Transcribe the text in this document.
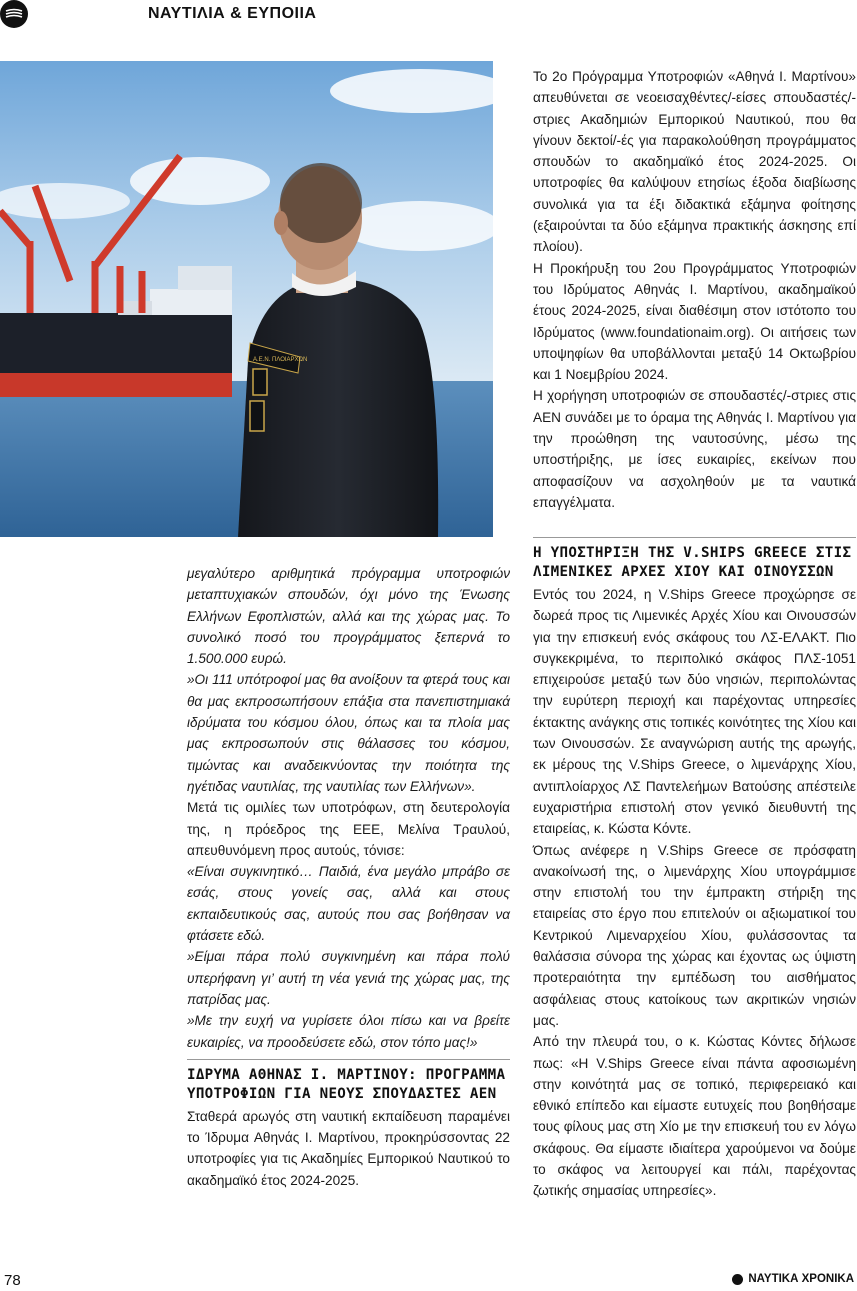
ΝΑΥΤΙΛΙΑ & ΕΥΠΟΙΙΑ
Α.Ε.Ν. ΠΛΟΙΑΡΧΩΝ

Το 2ο Πρόγραμμα Υποτροφιών «Αθηνά Ι. Μαρτίνου» απευθύνεται σε νεοεισαχθέντες/-είσες σπουδαστές/-στριες Ακαδημιών Εμπορικού Ναυτικού, που θα γίνουν δεκτοί/-ές για παρακολούθηση προγράμματος σπουδών το ακαδημαϊκό έτος 2024-2025. Οι υποτροφίες θα καλύψουν ετησίως έξοδα διαβίωσης συνολικά για τα έξι διδακτικά εξάμηνα φοίτησης (εξαιρούνται τα δύο εξάμηνα πρακτικής άσκησης επί πλοίου).

Η Προκήρυξη του 2ου Προγράμματος Υποτροφιών του Ιδρύματος Αθηνάς Ι. Μαρτίνου, ακαδημαϊκού έτους 2024-2025, είναι διαθέσιμη στον ιστότοπο του Ιδρύματος (www.foundationaim.org). Οι αιτήσεις των υποψηφίων θα υποβάλλονται μεταξύ 14 Οκτωβρίου και 1 Νοεμβρίου 2024.

Η χορήγηση υποτροφιών σε σπουδαστές/-στριες στις ΑΕΝ συνάδει με το όραμα της Αθηνάς Ι. Μαρτίνου για την προώθηση της ναυτοσύνης, μέσω της υποστήριξης, με ίσες ευκαιρίες, εκείνων που αποφασίζουν να ασχοληθούν με τα ναυτικά επαγγέλματα.

μεγαλύτερο αριθμητικά πρόγραμμα υποτροφιών μεταπτυχιακών σπουδών, όχι μόνο της Ένωσης Ελλήνων Εφοπλιστών, αλλά και της χώρας μας. Το συνολικό ποσό του προγράμματος ξεπερνά το 1.500.000 ευρώ.

»Οι 111 υπότροφοί μας θα ανοίξουν τα φτερά τους και θα μας εκπροσωπήσουν επάξια στα πανεπιστημιακά ιδρύματα του κόσμου όλου, όπως και τα πλοία μας μας εκπροσωπούν στις θάλασσες του κόσμου, τιμώντας και αναδεικνύοντας την ποιότητα της ηγέτιδας ναυτιλίας, της ναυτιλίας των Ελλήνων».

Μετά τις ομιλίες των υποτρόφων, στη δευτερολογία της, η πρόεδρος της ΕΕΕ, Μελίνα Τραυλού, απευθυνόμενη προς αυτούς, τόνισε:

«Είναι συγκινητικό… Παιδιά, ένα μεγάλο μπράβο σε εσάς, στους γονείς σας, αλλά και στους εκπαιδευτικούς σας, αυτούς που σας βοήθησαν να φτάσετε εδώ.

»Είμαι πάρα πολύ συγκινημένη και πάρα πολύ υπερήφανη γι’ αυτή τη νέα γενιά της χώρας μας, της πατρίδας μας.

»Με την ευχή να γυρίσετε όλοι πίσω και να βρείτε ευκαιρίες, να προοδεύσετε εδώ, στον τόπο μας!»

ΙΔΡΥΜΑ ΑΘΗΝΑΣ Ι. ΜΑΡΤΙΝΟΥ: ΠΡΟΓΡΑΜΜΑ ΥΠΟΤΡΟΦΙΩΝ ΓΙΑ ΝΕΟΥΣ ΣΠΟΥΔΑΣΤΕΣ ΑΕΝ

Σταθερά αρωγός στη ναυτική εκπαίδευση παραμένει το Ίδρυμα Αθηνάς Ι. Μαρτίνου, προκηρύσσοντας 22 υποτροφίες για τις Ακαδημίες Εμπορικού Ναυτικού το ακαδημαϊκό έτος 2024-2025.

Η ΥΠΟΣΤΗΡΙΞΗ ΤΗΣ V.SHIPS GREECE ΣΤΙΣ ΛΙΜΕΝΙΚΕΣ ΑΡΧΕΣ ΧΙΟΥ ΚΑΙ ΟΙΝΟΥΣΣΩΝ

Εντός του 2024, η V.Ships Greece προχώρησε σε δωρεά προς τις Λιμενικές Αρχές Χίου και Οινουσσών για την επισκευή ενός σκάφους του ΛΣ-ΕΛΑΚΤ. Πιο συγκεκριμένα, το περιπολικό σκάφος ΠΛΣ-1051 επιχειρούσε μεταξύ των δύο νησιών, περιπολώντας την ευρύτερη περιοχή και παρέχοντας υπηρεσίες έκτακτης ανάγκης στις τοπικές κοινότητες της Χίου και των Οινουσσών. Σε αναγνώριση αυτής της αρωγής, εκ μέρους της V.Ships Greece, ο λιμενάρχης Χίου, αντιπλοίαρχος ΛΣ Παντελεήμων Βατούσης απέστειλε ευχαριστήρια επιστολή στον γενικό διευθυντή της εταιρείας, κ. Κώστα Κόντε.

Όπως ανέφερε η V.Ships Greece σε πρόσφατη ανακοίνωσή της, ο λιμενάρχης Χίου υπογράμμισε στην επιστολή του την έμπρακτη στήριξη της εταιρείας στο έργο που επιτελούν οι αξιωματικοί του Κεντρικού Λιμεναρχείου Χίου, φυλάσσοντας τα θαλάσσια σύνορα της χώρας και έχοντας ως ύψιστη προτεραιότητα την εμπέδωση του αισθήματος ασφάλειας στους κατοίκους των ακριτικών νησιών μας.

Από την πλευρά του, ο κ. Κώστας Κόντες δήλωσε πως: «Η V.Ships Greece είναι πάντα αφοσιωμένη στην κοινότητά μας σε τοπικό, περιφερειακό και εθνικό επίπεδο και είμαστε ευτυχείς που βοηθήσαμε τους φίλους μας στη Χίο με την επισκευή του εν λόγω σκάφους. Θα είμαστε ιδιαίτερα χαρούμενοι να δούμε το σκάφος να λειτουργεί και πάλι, παρέχοντας ζωτικής σημασίας υπηρεσίες».

78	ΝΑΥΤΙΚΑ ΧΡΟΝΙΚΑ
